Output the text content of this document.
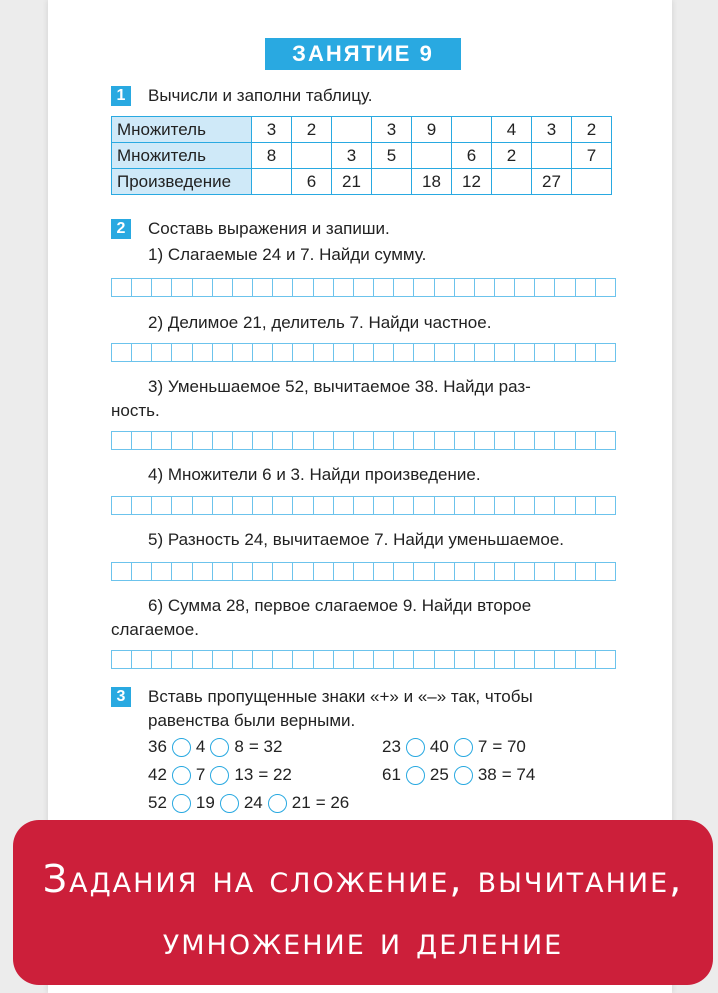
ЗАНЯТИЕ 9
1	Вычисли и заполни таблицу.
Множитель	3	2		3	9		4	3	2
Множитель	8		3	5		6	2		7
Произведение		6	21		18	12		27	
2	Составь выражения и запиши.
1) Слагаемые 24 и 7. Найди сумму.
2) Делимое 21, делитель 7. Найди частное.
3) Уменьшаемое 52, вычитаемое 38. Найди раз-
ность.
4) Множители 6 и 3. Найди произведение.
5) Разность 24, вычитаемое 7. Найди уменьшаемое.
6) Сумма 28, первое слагаемое 9. Найди второе
слагаемое.
3	Вставь пропущенные знаки «+» и «–» так, чтобы
равенства были верными.
36 4 8 = 32	23 40 7 = 70
42 7 13 = 22	61 25 38 = 74
52 19 24 21 = 26
Задания на сложение, вычитание,
умножение и деление
